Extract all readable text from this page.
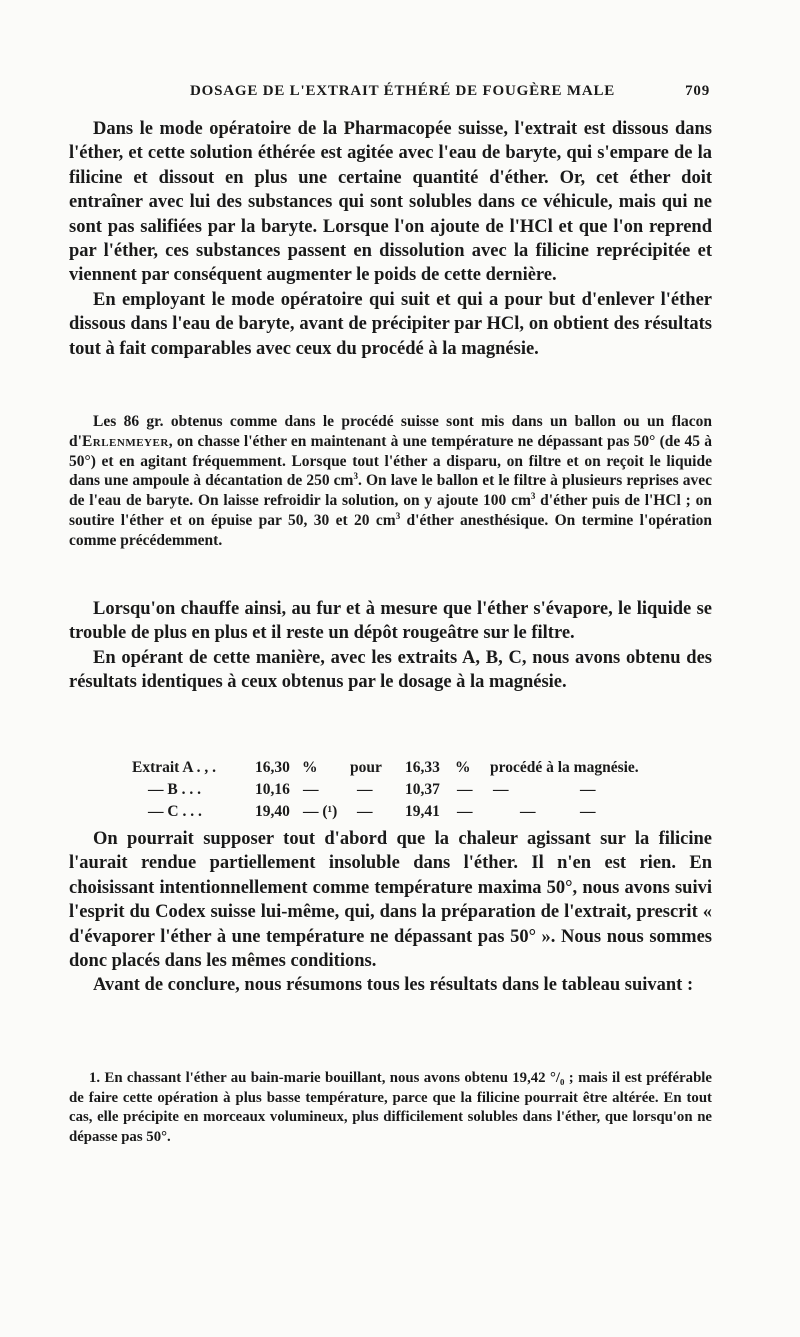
DOSAGE DE L'EXTRAIT ÉTHÉRÉ DE FOUGÈRE MALE	709

Dans le mode opératoire de la Pharmacopée suisse, l'extrait est dissous dans l'éther, et cette solution éthérée est agitée avec l'eau de baryte, qui s'empare de la filicine et dissout en plus une certaine quantité d'éther. Or, cet éther doit entraîner avec lui des substances qui sont solubles dans ce véhicule, mais qui ne sont pas salifiées par la baryte. Lorsque l'on ajoute de l'HCl et que l'on reprend par l'éther, ces substances passent en dissolution avec la filicine reprécipitée et viennent par conséquent augmenter le poids de cette dernière.

En employant le mode opératoire qui suit et qui a pour but d'enlever l'éther dissous dans l'eau de baryte, avant de précipiter par HCl, on obtient des résultats tout à fait comparables avec ceux du procédé à la magnésie.

Les 86 gr. obtenus comme dans le procédé suisse sont mis dans un ballon ou un flacon d'Erlenmeyer, on chasse l'éther en maintenant à une température ne dépassant pas 50° (de 45 à 50°) et en agitant fréquemment. Lorsque tout l'éther a disparu, on filtre et on reçoit le liquide dans une ampoule à décantation de 250 $cm^3$. On lave le ballon et le filtre à plusieurs reprises avec de l'eau de baryte. On laisse refroidir la solution, on y ajoute 100 $cm^3$ d'éther puis de l'HCl ; on soutire l'éther et on épuise par 50, 30 et 20 $cm^3$ d'éther anesthésique. On termine l'opération comme précédemment.

Lorsqu'on chauffe ainsi, au fur et à mesure que l'éther s'évapore, le liquide se trouble de plus en plus et il reste un dépôt rougeâtre sur le filtre.

En opérant de cette manière, avec les extraits A, B, C, nous avons obtenu des résultats identiques à ceux obtenus par le dosage à la magnésie.

Extrait A . , .	16,30 % pour 16,33 % procédé à la magnésie.
— B . . .	10,16 — — 10,37 — —	—
— C . . .	19,40 — (¹) — 19,41 —	—	—

On pourrait supposer tout d'abord que la chaleur agissant sur la filicine l'aurait rendue partiellement insoluble dans l'éther. Il n'en est rien. En choisissant intentionnellement comme température maxima 50°, nous avons suivi l'esprit du Codex suisse lui-même, qui, dans la préparation de l'extrait, prescrit « d'évaporer l'éther à une température ne dépassant pas 50° ». Nous nous sommes donc placés dans les mêmes conditions.

Avant de conclure, nous résumons tous les résultats dans le tableau suivant :

1. En chassant l'éther au bain-marie bouillant, nous avons obtenu 19,42 °/₀ ; mais il est préférable de faire cette opération à plus basse température, parce que la filicine pourrait être altérée. En tout cas, elle précipite en morceaux volumineux, plus difficilement solubles dans l'éther, que lorsqu'on ne dépasse pas 50°.
